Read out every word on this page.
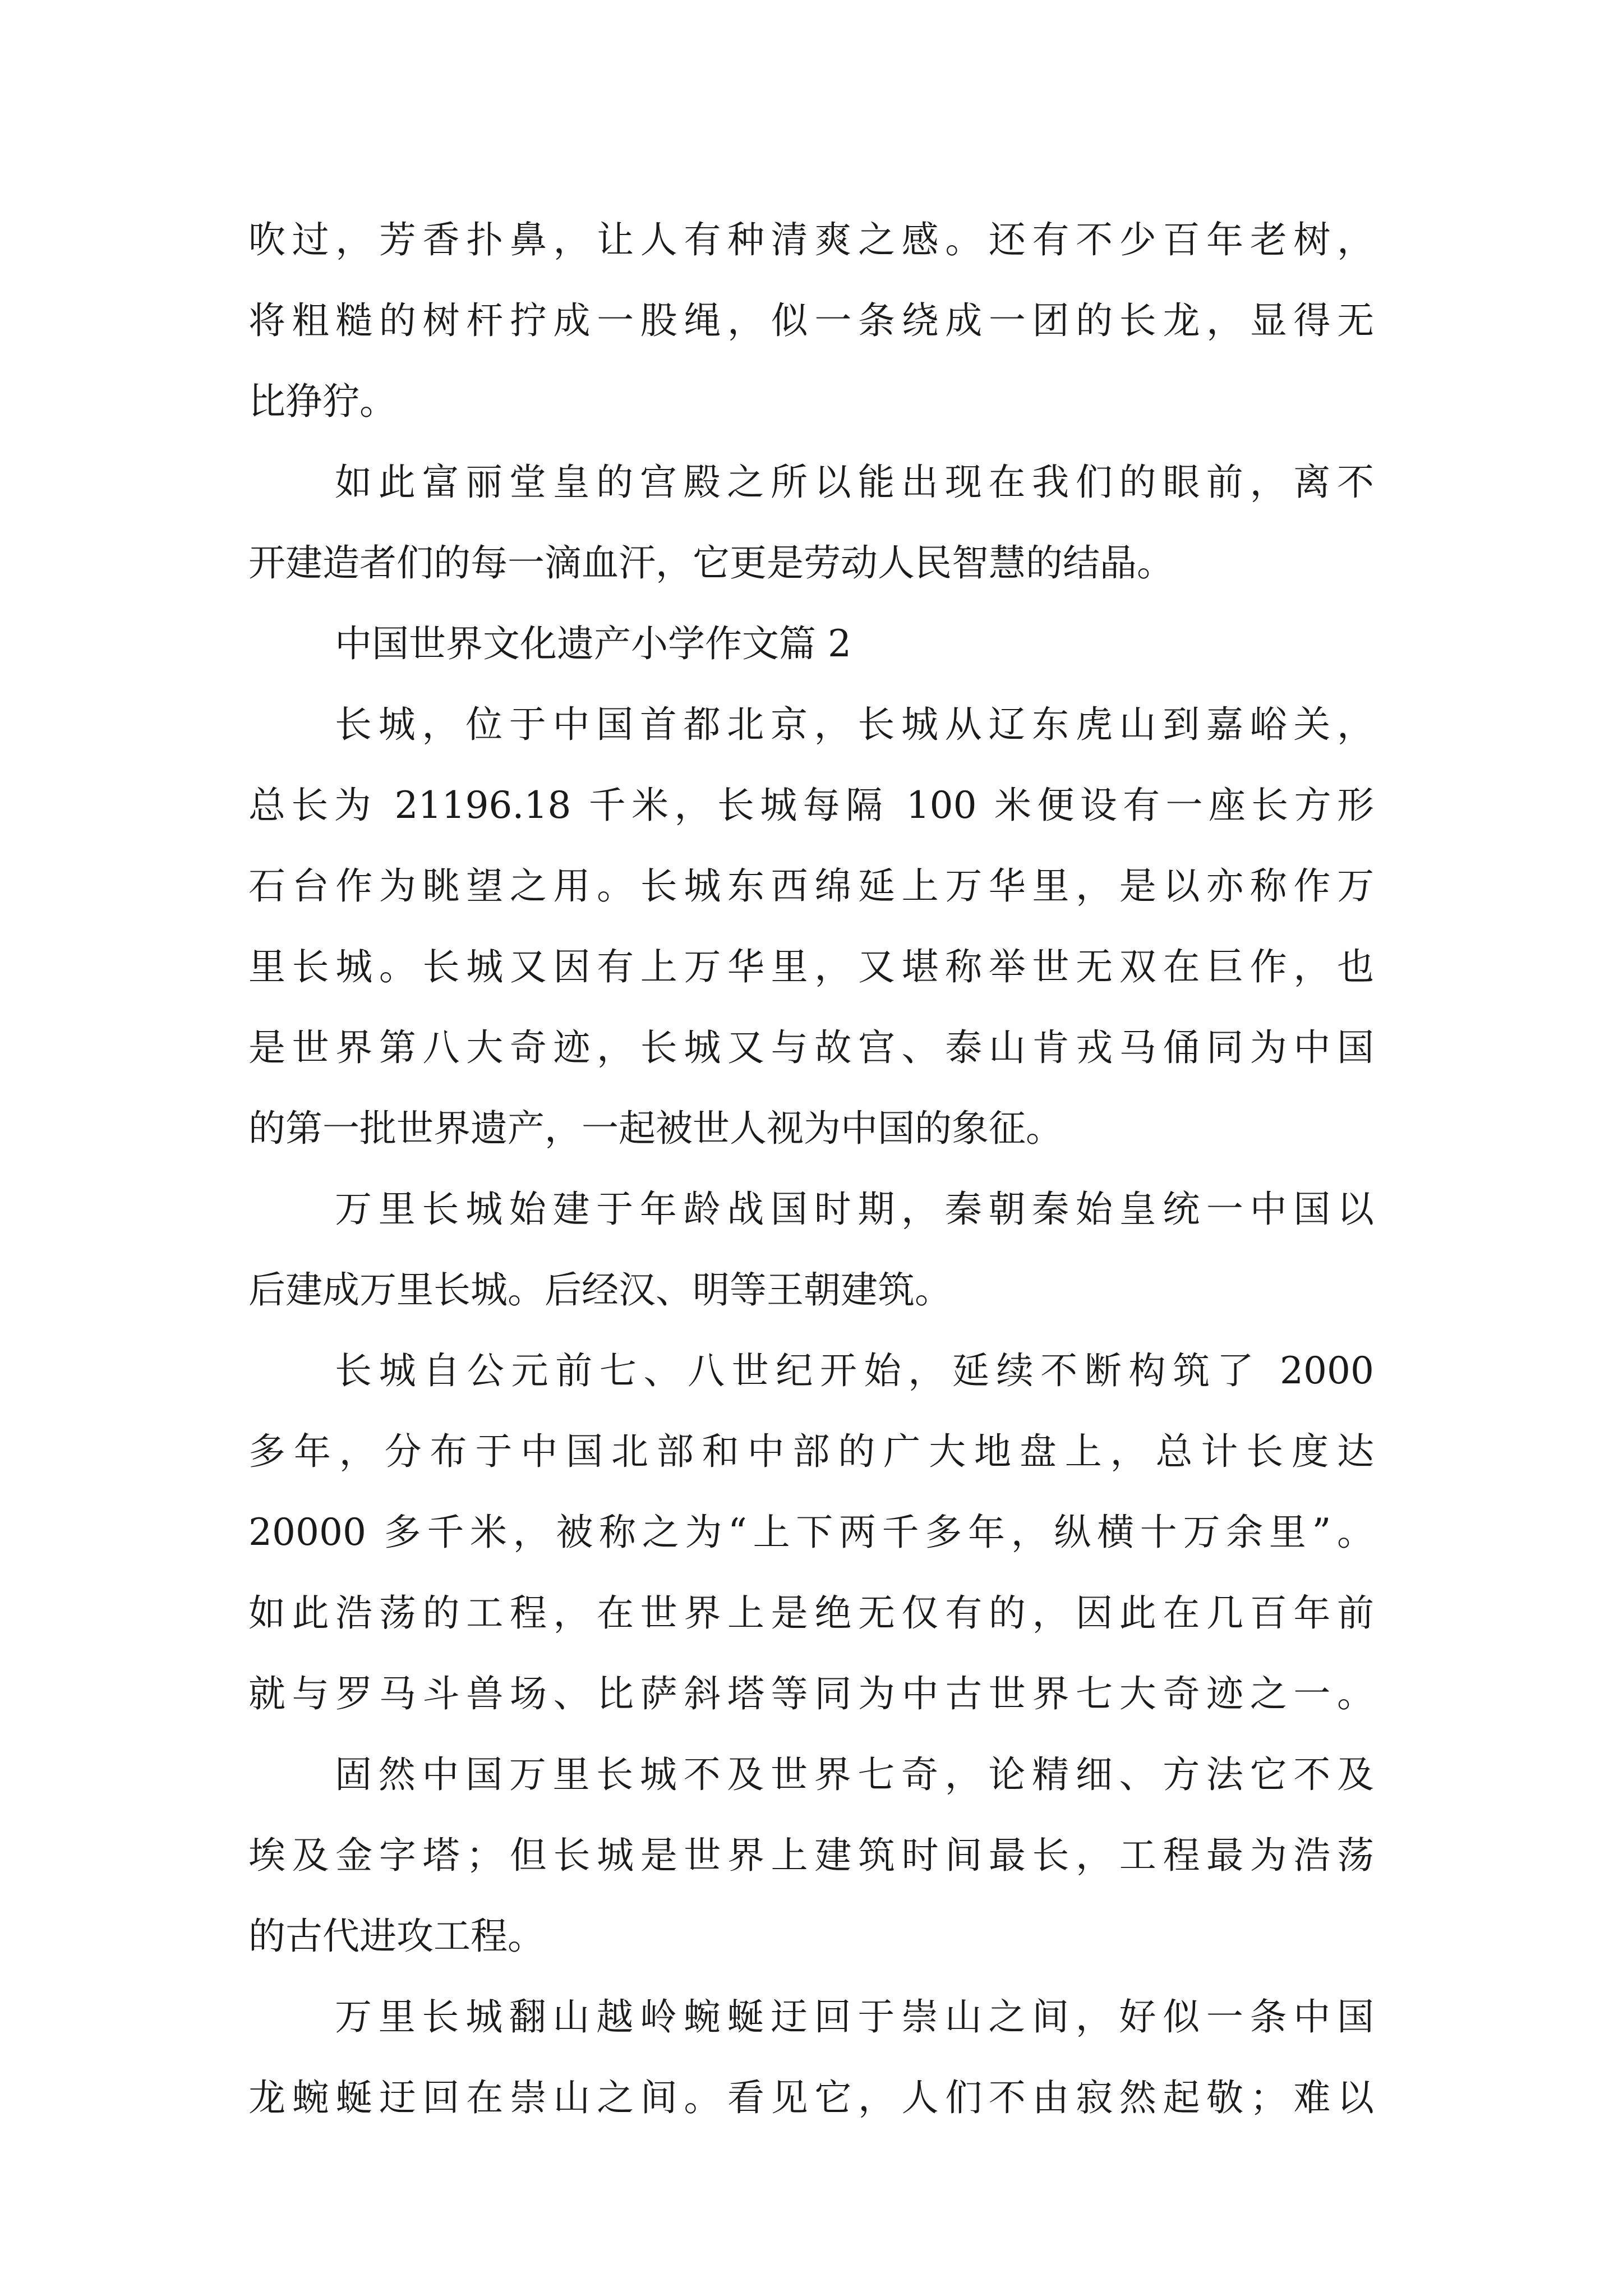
吹过，芳香扑鼻，让人有种清爽之感。还有不少百年老树，
将粗糙的树杆拧成一股绳，似一条绕成一团的长龙，显得无
比狰狞。
如此富丽堂皇的宫殿之所以能出现在我们的眼前，离不
开建造者们的每一滴血汗，它更是劳动人民智慧的结晶。
中国世界文化遗产小学作文篇 2
长城，位于中国首都北京，长城从辽东虎山到嘉峪关，
总长为 21196.18 千米，长城每隔 100 米便设有一座长方形
石台作为眺望之用。长城东西绵延上万华里，是以亦称作万
里长城。长城又因有上万华里，又堪称举世无双在巨作，也
是世界第八大奇迹，长城又与故宫、泰山肯戎马俑同为中国
的第一批世界遗产，一起被世人视为中国的象征。
万里长城始建于年龄战国时期，秦朝秦始皇统一中国以
后建成万里长城。后经汉、明等王朝建筑。
长城自公元前七、八世纪开始，延续不断构筑了 2000
多年，分布于中国北部和中部的广大地盘上，总计长度达
20000 多千米，被称之为“上下两千多年，纵横十万余里”。
如此浩荡的工程，在世界上是绝无仅有的，因此在几百年前
就与罗马斗兽场、比萨斜塔等同为中古世界七大奇迹之一。
固然中国万里长城不及世界七奇，论精细、方法它不及
埃及金字塔；但长城是世界上建筑时间最长，工程最为浩荡
的古代进攻工程。
万里长城翻山越岭蜿蜒迂回于崇山之间，好似一条中国
龙蜿蜒迂回在崇山之间。看见它，人们不由寂然起敬；难以
